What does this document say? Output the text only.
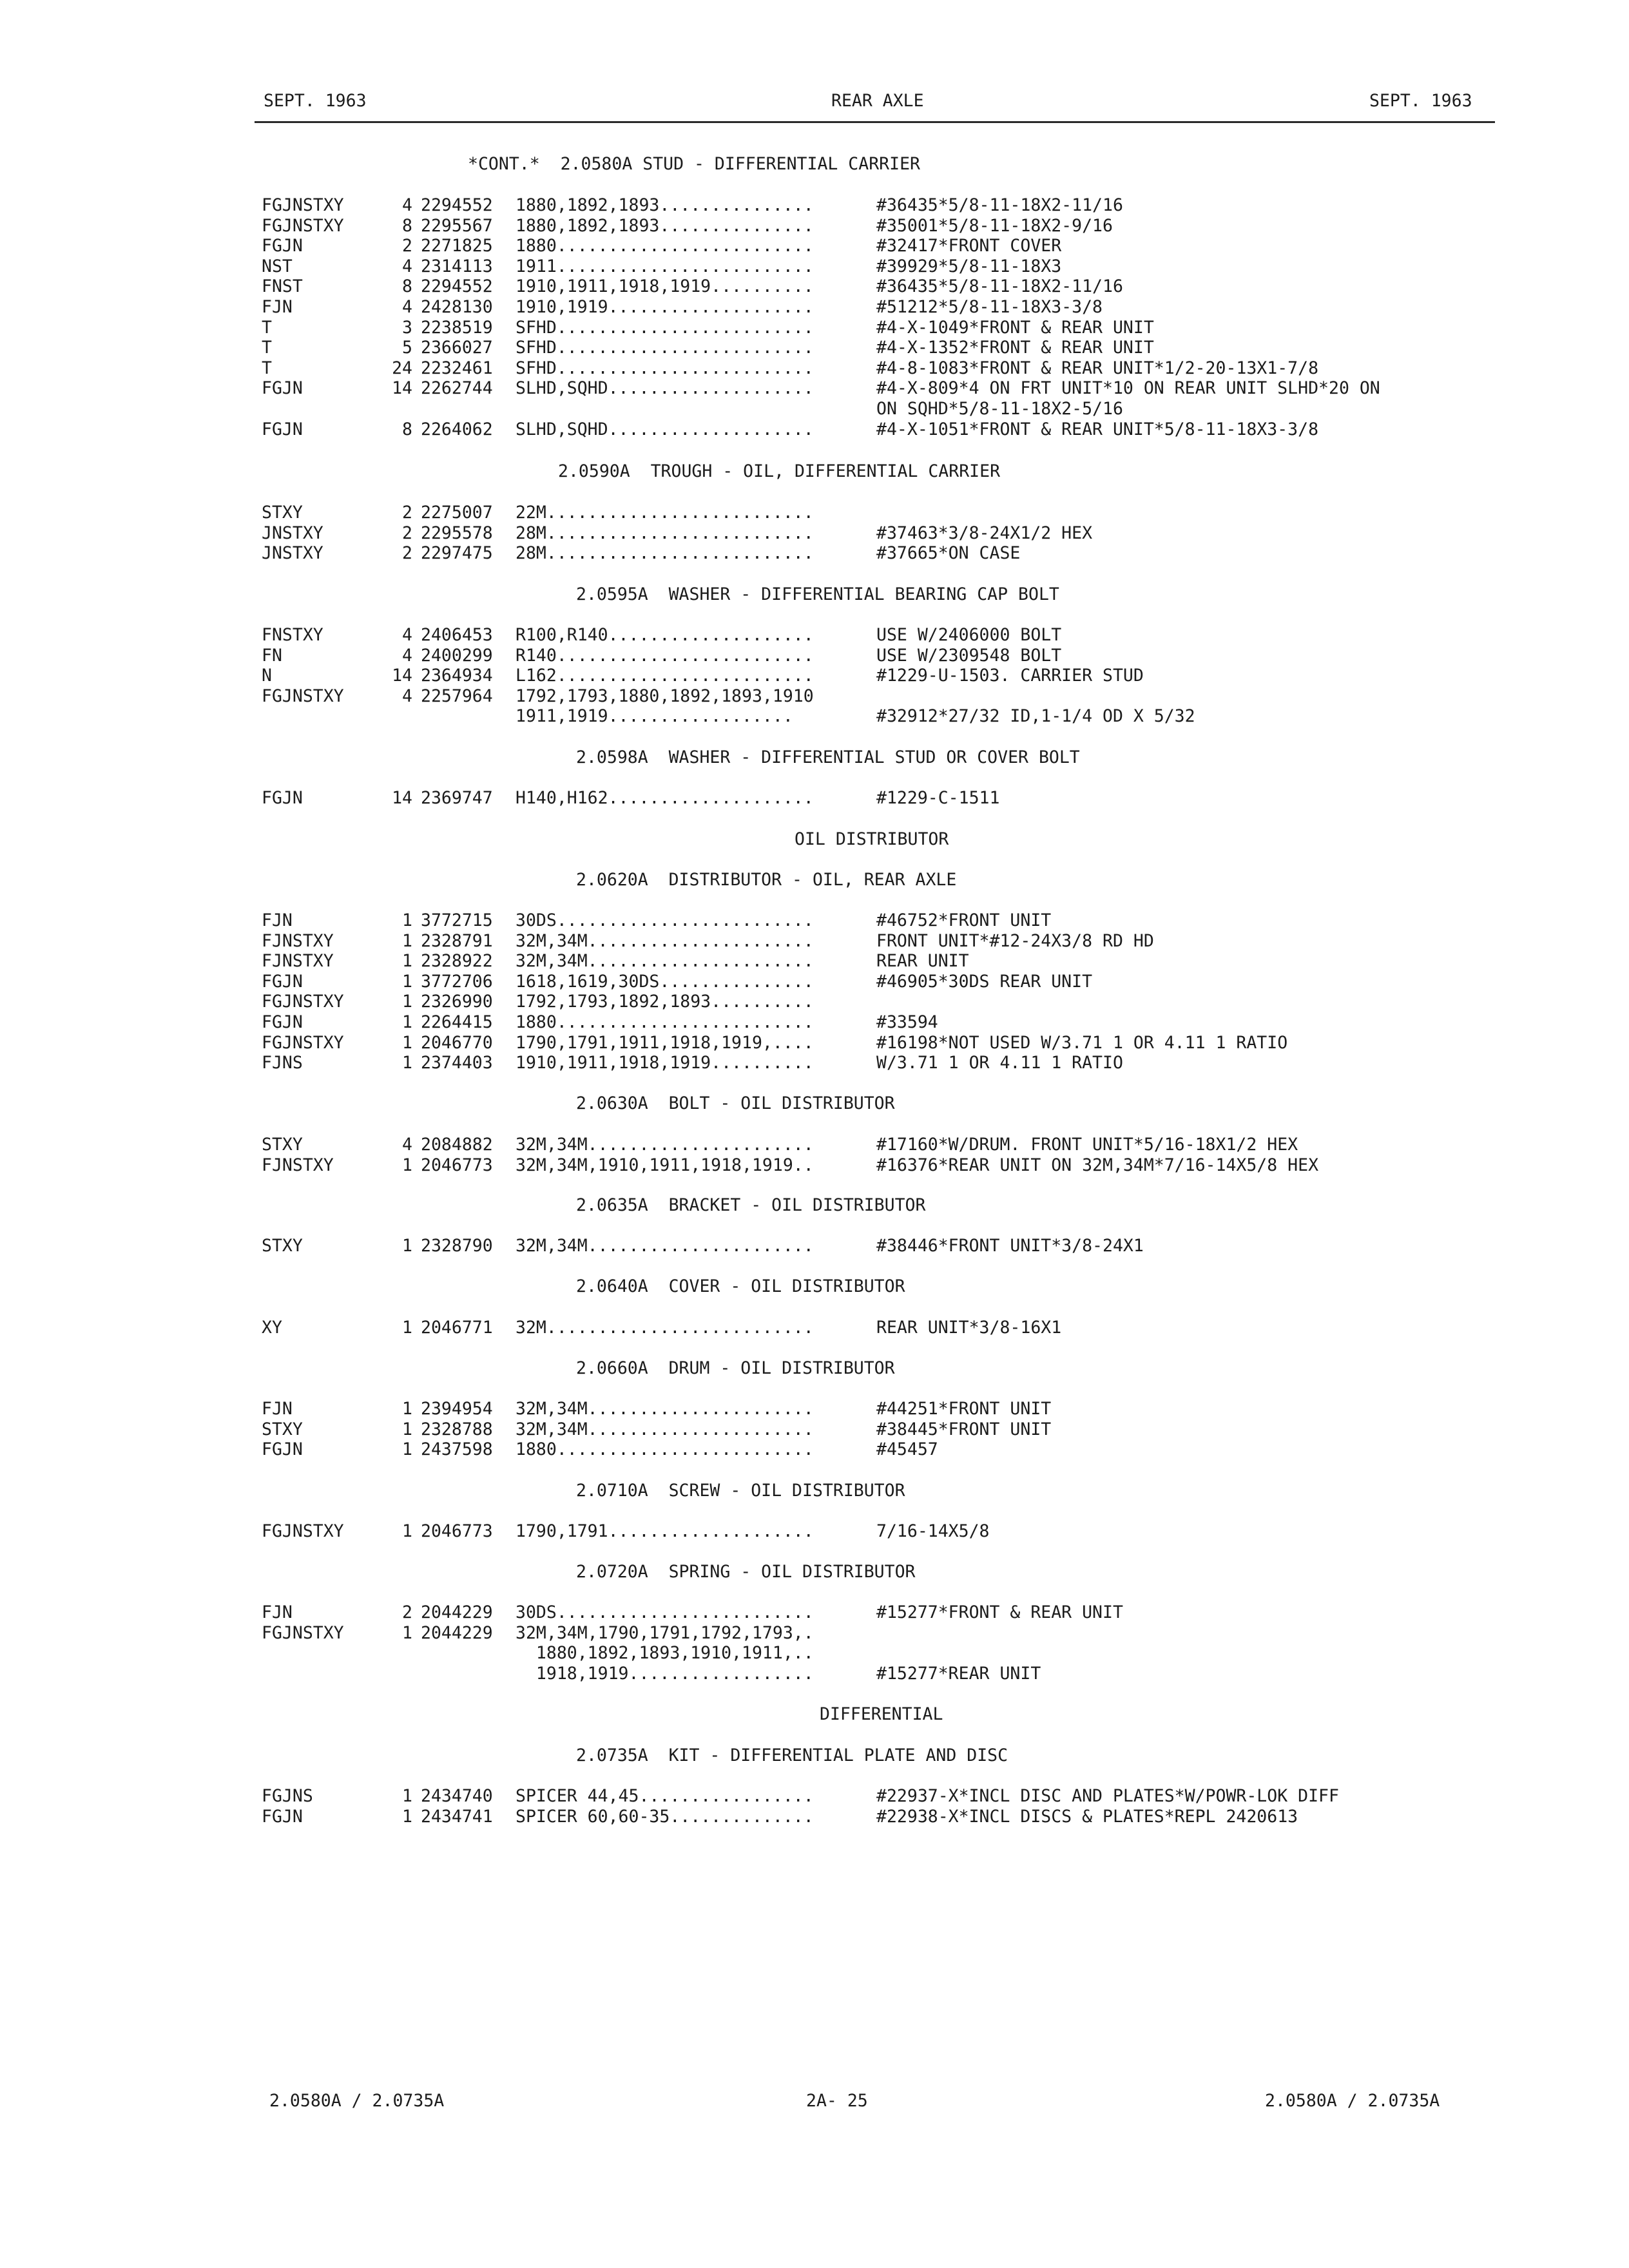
SEPT. 1963	REAR AXLE	SEPT. 1963
*CONT.*  2.0580A STUD - DIFFERENTIAL CARRIER
FGJNSTXY	4 2294552 1880,1892,1893...............	#36435*5/8-11-18X2-11/16
FGJNSTXY	8 2295567 1880,1892,1893...............	#35001*5/8-11-18X2-9/16
FGJN	2 2271825 1880.........................	#32417*FRONT COVER
NST	4 2314113 1911.........................	#39929*5/8-11-18X3
FNST	8 2294552 1910,1911,1918,1919..........	#36435*5/8-11-18X2-11/16
FJN	4 2428130 1910,1919....................	#51212*5/8-11-18X3-3/8
T	3 2238519 SFHD.........................	#4-X-1049*FRONT & REAR UNIT
T	5 2366027 SFHD.........................	#4-X-1352*FRONT & REAR UNIT
T	24 2232461 SFHD.........................	#4-8-1083*FRONT & REAR UNIT*1/2-20-13X1-7/8
FGJN	14 2262744 SLHD,SQHD....................	#4-X-809*4 ON FRT UNIT*10 ON REAR UNIT SLHD*20 ON
ON SQHD*5/8-11-18X2-5/16
FGJN	8 2264062 SLHD,SQHD....................	#4-X-1051*FRONT & REAR UNIT*5/8-11-18X3-3/8
2.0590A  TROUGH - OIL, DIFFERENTIAL CARRIER
STXY	2 2275007 22M..........................
JNSTXY	2 2295578 28M..........................	#37463*3/8-24X1/2 HEX
JNSTXY	2 2297475 28M..........................	#37665*ON CASE
2.0595A  WASHER - DIFFERENTIAL BEARING CAP BOLT
FNSTXY	4 2406453 R100,R140....................	USE W/2406000 BOLT
FN	4 2400299 R140.........................	USE W/2309548 BOLT
N	14 2364934 L162.........................	#1229-U-1503. CARRIER STUD
FGJNSTXY	4 2257964 1792,1793,1880,1892,1893,1910
1911,1919..................	#32912*27/32 ID,1-1/4 OD X 5/32
2.0598A  WASHER - DIFFERENTIAL STUD OR COVER BOLT
FGJN	14 2369747 H140,H162....................	#1229-C-1511
OIL DISTRIBUTOR
2.0620A  DISTRIBUTOR - OIL, REAR AXLE
FJN	1 3772715 30DS.........................	#46752*FRONT UNIT
FJNSTXY	1 2328791 32M,34M......................	FRONT UNIT*#12-24X3/8 RD HD
FJNSTXY	1 2328922 32M,34M......................	REAR UNIT
FGJN	1 3772706 1618,1619,30DS...............	#46905*30DS REAR UNIT
FGJNSTXY	1 2326990 1792,1793,1892,1893..........
FGJN	1 2264415 1880.........................	#33594
FGJNSTXY	1 2046770 1790,1791,1911,1918,1919,....	#16198*NOT USED W/3.71 1 OR 4.11 1 RATIO
FJNS	1 2374403 1910,1911,1918,1919..........	W/3.71 1 OR 4.11 1 RATIO
2.0630A  BOLT - OIL DISTRIBUTOR
STXY	4 2084882 32M,34M......................	#17160*W/DRUM. FRONT UNIT*5/16-18X1/2 HEX
FJNSTXY	1 2046773 32M,34M,1910,1911,1918,1919..	#16376*REAR UNIT ON 32M,34M*7/16-14X5/8 HEX
2.0635A  BRACKET - OIL DISTRIBUTOR
STXY	1 2328790 32M,34M......................	#38446*FRONT UNIT*3/8-24X1
2.0640A  COVER - OIL DISTRIBUTOR
XY	1 2046771 32M..........................	REAR UNIT*3/8-16X1
2.0660A  DRUM - OIL DISTRIBUTOR
FJN	1 2394954 32M,34M......................	#44251*FRONT UNIT
STXY	1 2328788 32M,34M......................	#38445*FRONT UNIT
FGJN	1 2437598 1880.........................	#45457
2.0710A  SCREW - OIL DISTRIBUTOR
FGJNSTXY	1 2046773 1790,1791....................	7/16-14X5/8
2.0720A  SPRING - OIL DISTRIBUTOR
FJN	2 2044229 30DS.........................	#15277*FRONT & REAR UNIT
FGJNSTXY	1 2044229 32M,34M,1790,1791,1792,1793,.
1880,1892,1893,1910,1911,..
1918,1919..................	#15277*REAR UNIT
DIFFERENTIAL
2.0735A  KIT - DIFFERENTIAL PLATE AND DISC
FGJNS	1 2434740 SPICER 44,45.................	#22937-X*INCL DISC AND PLATES*W/POWR-LOK DIFF
FGJN	1 2434741 SPICER 60,60-35..............	#22938-X*INCL DISCS & PLATES*REPL 2420613
2.0580A / 2.0735A	2A- 25	2.0580A / 2.0735A
